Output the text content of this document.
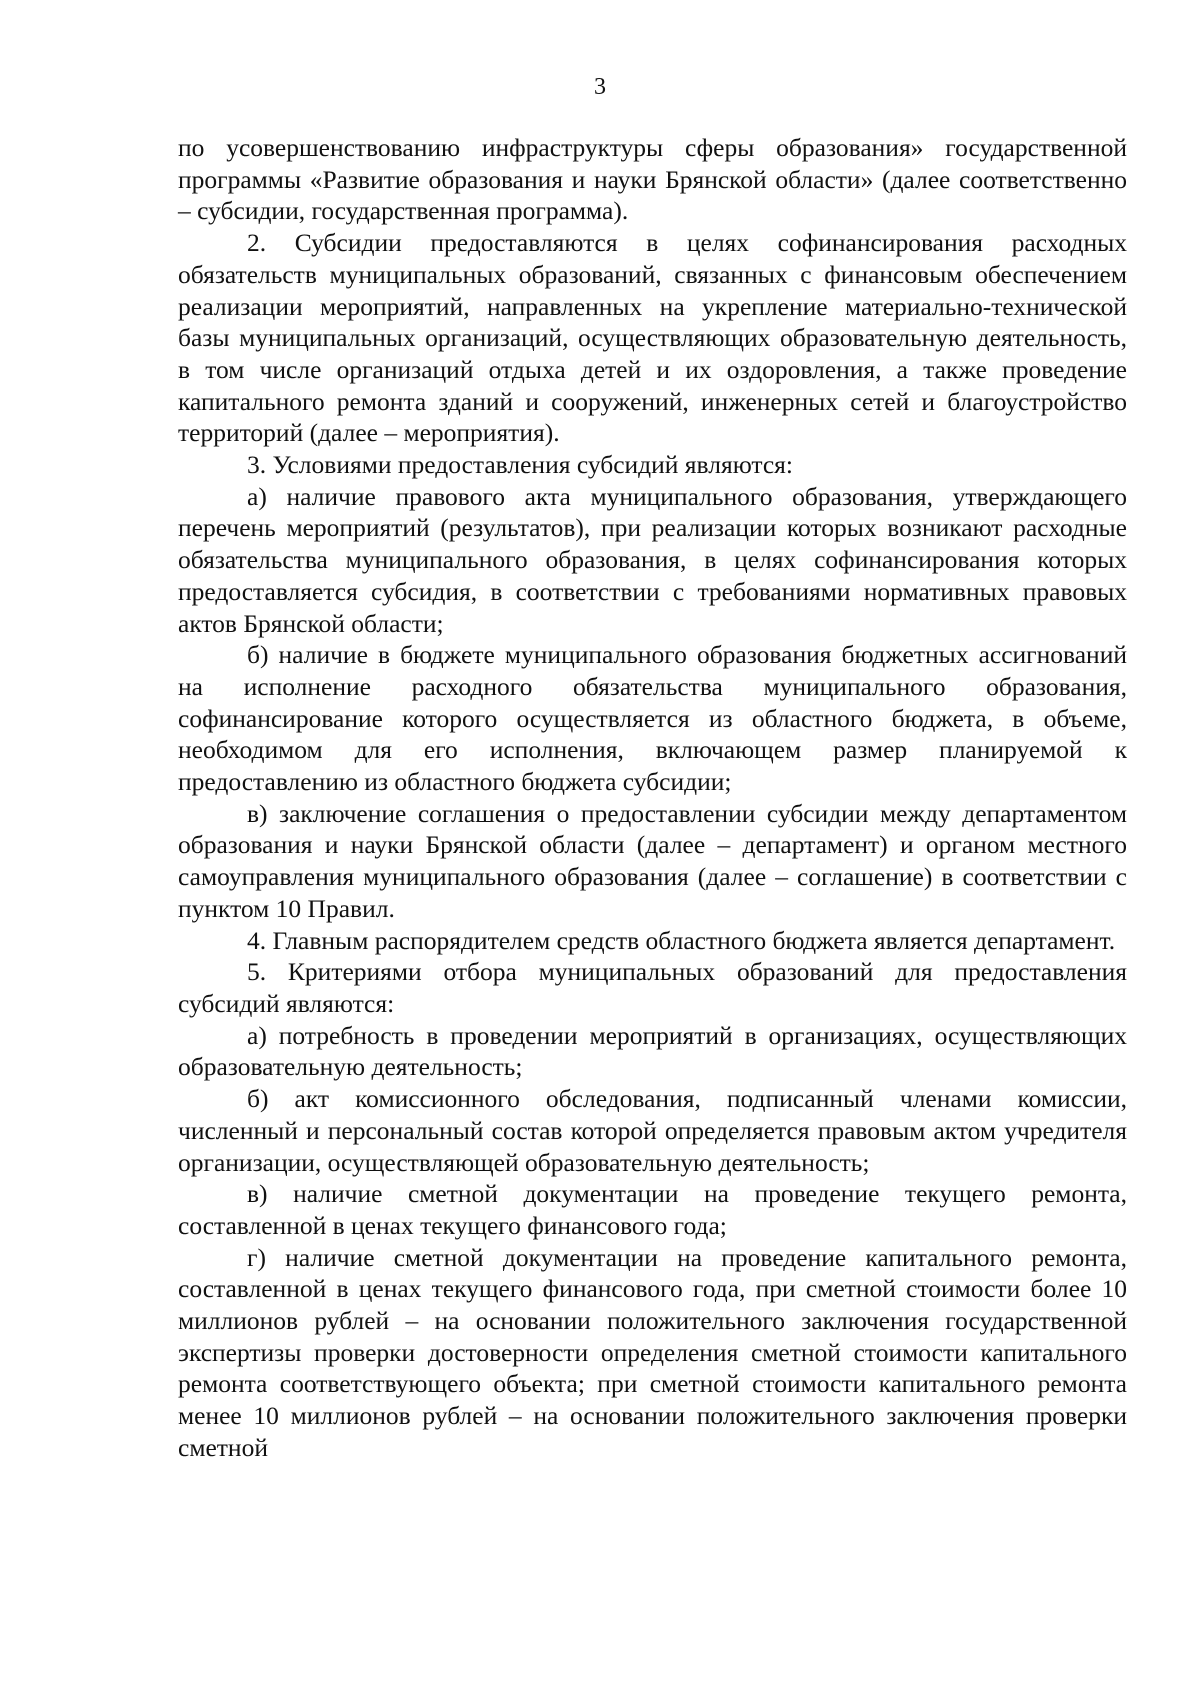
3

по усовершенствованию инфраструктуры сферы образования» государственной программы «Развитие образования и науки Брянской области» (далее соответственно – субсидии, государственная программа).

2. Субсидии предоставляются в целях софинансирования расходных обязательств муниципальных образований, связанных с финансовым обеспечением реализации мероприятий, направленных на укрепление материально-технической базы муниципальных организаций, осуществляющих образовательную деятельность, в том числе организаций отдыха детей и их оздоровления, а также проведение капитального ремонта зданий и сооружений, инженерных сетей и благоустройство территорий (далее – мероприятия).

3. Условиями предоставления субсидий являются:

а) наличие правового акта муниципального образования, утверждающего перечень мероприятий (результатов), при реализации которых возникают расходные обязательства муниципального образования, в целях софинансирования которых предоставляется субсидия, в соответствии с требованиями нормативных правовых актов Брянской области;

б) наличие в бюджете муниципального образования бюджетных ассигнований на исполнение расходного обязательства муниципального образования, софинансирование которого осуществляется из областного бюджета, в объеме, необходимом для его исполнения, включающем размер планируемой к предоставлению из областного бюджета субсидии;

в) заключение соглашения о предоставлении субсидии между департаментом образования и науки Брянской области (далее – департамент) и органом местного самоуправления муниципального образования (далее – соглашение) в соответствии с пунктом 10 Правил.

4. Главным распорядителем средств областного бюджета является департамент.

5. Критериями отбора муниципальных образований для предоставления субсидий являются:

а) потребность в проведении мероприятий в организациях, осуществляющих образовательную деятельность;

б) акт комиссионного обследования, подписанный членами комиссии, численный и персональный состав которой определяется правовым актом учредителя организации, осуществляющей образовательную деятельность;

в) наличие сметной документации на проведение текущего ремонта, составленной в ценах текущего финансового года;

г) наличие сметной документации на проведение капитального ремонта, составленной в ценах текущего финансового года, при сметной стоимости более 10 миллионов рублей – на основании положительного заключения государственной экспертизы проверки достоверности определения сметной стоимости капитального ремонта соответствующего объекта; при сметной стоимости капитального ремонта менее 10 миллионов рублей – на основании положительного заключения проверки сметной
